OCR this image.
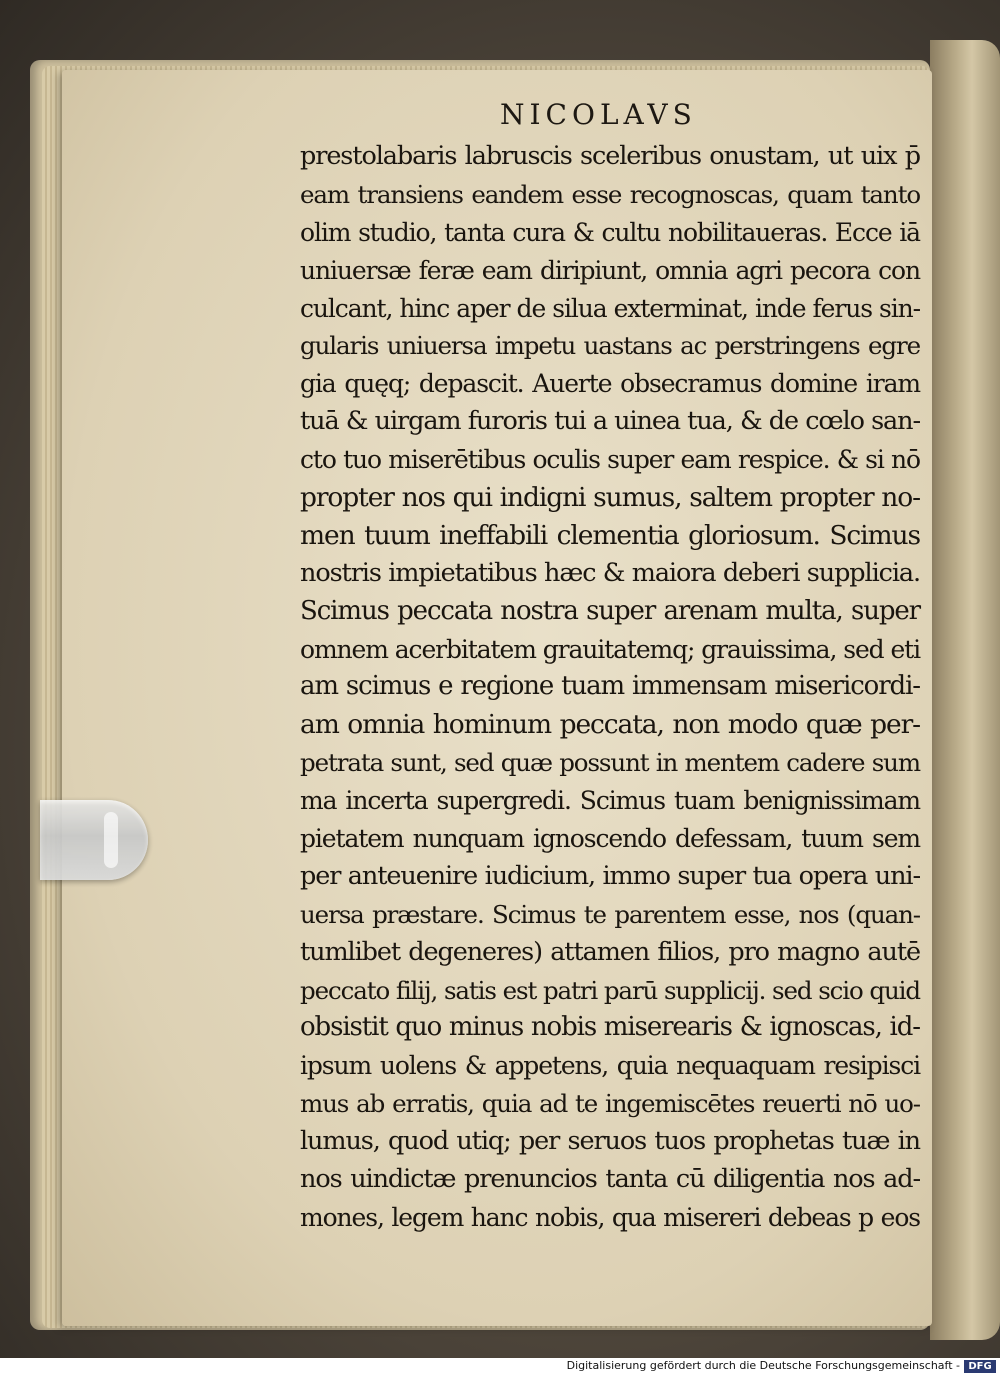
NICOLAVS
prestolabaris labruscis sceleribus onustam, ut uix p̄
eam transiens eandem esse recognoscas, quam tanto
olim studio, tanta cura & cultu nobilitaueras. Ecce iā
uniuersæ feræ eam diripiunt, omnia agri pecora con
culcant, hinc aper de silua exterminat, inde ferus sin-
gularis uniuersa impetu uastans ac perstringens egre
gia quęq; depascit. Auerte obsecramus domine iram
tuā & uirgam furoris tui a uinea tua, & de cœlo san-
cto tuo miserētibus oculis super eam respice. & si nō
propter nos qui indigni sumus, saltem propter no-
men tuum ineffabili clementia gloriosum. Scimus
nostris impietatibus hæc & maiora deberi supplicia.
Scimus peccata nostra super arenam multa, super
omnem acerbitatem grauitatemq; grauissima, sed eti
am scimus e regione tuam immensam misericordi-
am omnia hominum peccata, non modo quæ per-
petrata sunt, sed quæ possunt in mentem cadere sum
ma incerta supergredi. Scimus tuam benignissimam
pietatem nunquam ignoscendo defessam, tuum sem
per anteuenire iudicium, immo super tua opera uni-
uersa præstare. Scimus te parentem esse, nos (quan-
tumlibet degeneres) attamen filios, pro magno autē
peccato filij, satis est patri parū supplicij. sed scio quid
obsistit quo minus nobis miserearis & ignoscas, id-
ipsum uolens & appetens, quia nequaquam resipisci
mus ab erratis, quia ad te ingemiscētes reuerti nō uo-
lumus, quod utiq; per seruos tuos prophetas tuæ in
nos uindictæ prenuncios tanta cū diligentia nos ad-
mones, legem hanc nobis, qua misereri debeas p eos
Digitalisierung gefördert durch die Deutsche Forschungsgemeinschaft - DFG
